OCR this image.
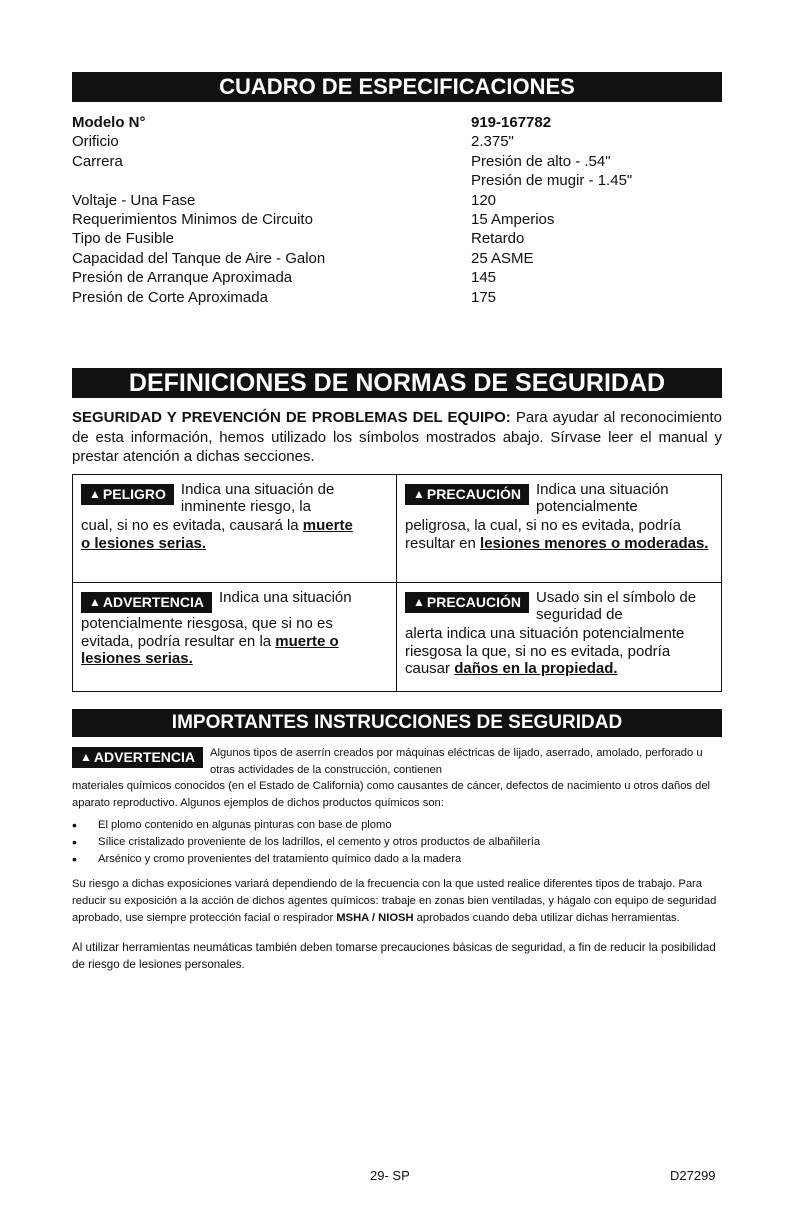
CUADRO DE ESPECIFICACIONES
Modelo N°
Orificio
Carrera
Voltaje - Una Fase
Requerimientos Minimos de Circuito
Tipo de Fusible
Capacidad del Tanque de Aire - Galon
Presión de Arranque Aproximada
Presión de Corte Aproximada
919-167782
2.375"
Presión de alto - .54"
Presión de mugir - 1.45"
120
15 Amperios
Retardo
25 ASME
145
175
DEFINICIONES DE NORMAS DE SEGURIDAD
SEGURIDAD Y PREVENCIÓN DE PROBLEMAS DEL EQUIPO: Para ayudar al reconocimiento de esta información, hemos utilizado los símbolos mostrados abajo. Sírvase leer el manual y prestar atención a dichas secciones.
▲ PELIGRO Indica una situación de inminente riesgo, la

cual, si no es evitada, causará la muerte
o lesiones serias.

▲ PRECAUCIÓN Indica una situación potencialmente

peligrosa, la cual, si no es evitada, podría resultar en lesiones menores o moderadas.

▲ ADVERTENCIA Indica una situación

potencialmente riesgosa, que si no es evitada, podría resultar en la muerte o
lesiones serias.

▲ PRECAUCIÓN Usado sin el símbolo de seguridad de

alerta indica una situación potencialmente riesgosa la que, si no es evitada, podría causar daños en la propiedad.

IMPORTANTES INSTRUCCIONES DE SEGURIDAD
▲ ADVERTENCIA Algunos tipos de aserrín creados por máquinas eléctricas de lijado, aserrado, amolado, perforado u otras actividades de la construcción, contienen

materiales químicos conocidos (en el Estado de California) como causantes de cáncer, defectos de nacimiento u otros daños del aparato reproductivo. Algunos ejemplos de dichos productos químicos son:

• El plomo contenido en algunas pinturas con base de plomo
• Sílice cristalizado proveniente de los ladrillos, el cemento y otros productos de albañilería
• Arsénico y cromo provenientes del tratamiento químico dado a la madera

Su riesgo a dichas exposiciones variará dependiendo de la frecuencia con la que usted realice diferentes tipos de trabajo. Para reducir su exposición a la acción de dichos agentes químicos: trabaje en zonas bien ventiladas, y hágalo con equipo de seguridad aprobado, use siempre protección facial o respirador MSHA / NIOSH aprobados cuando deba utilizar dichas herramientas.

Al utilizar herramientas neumáticas también deben tomarse precauciones básicas de seguridad, a fin de reducir la posibilidad de riesgo de lesiones personales.

29- SP	D27299
